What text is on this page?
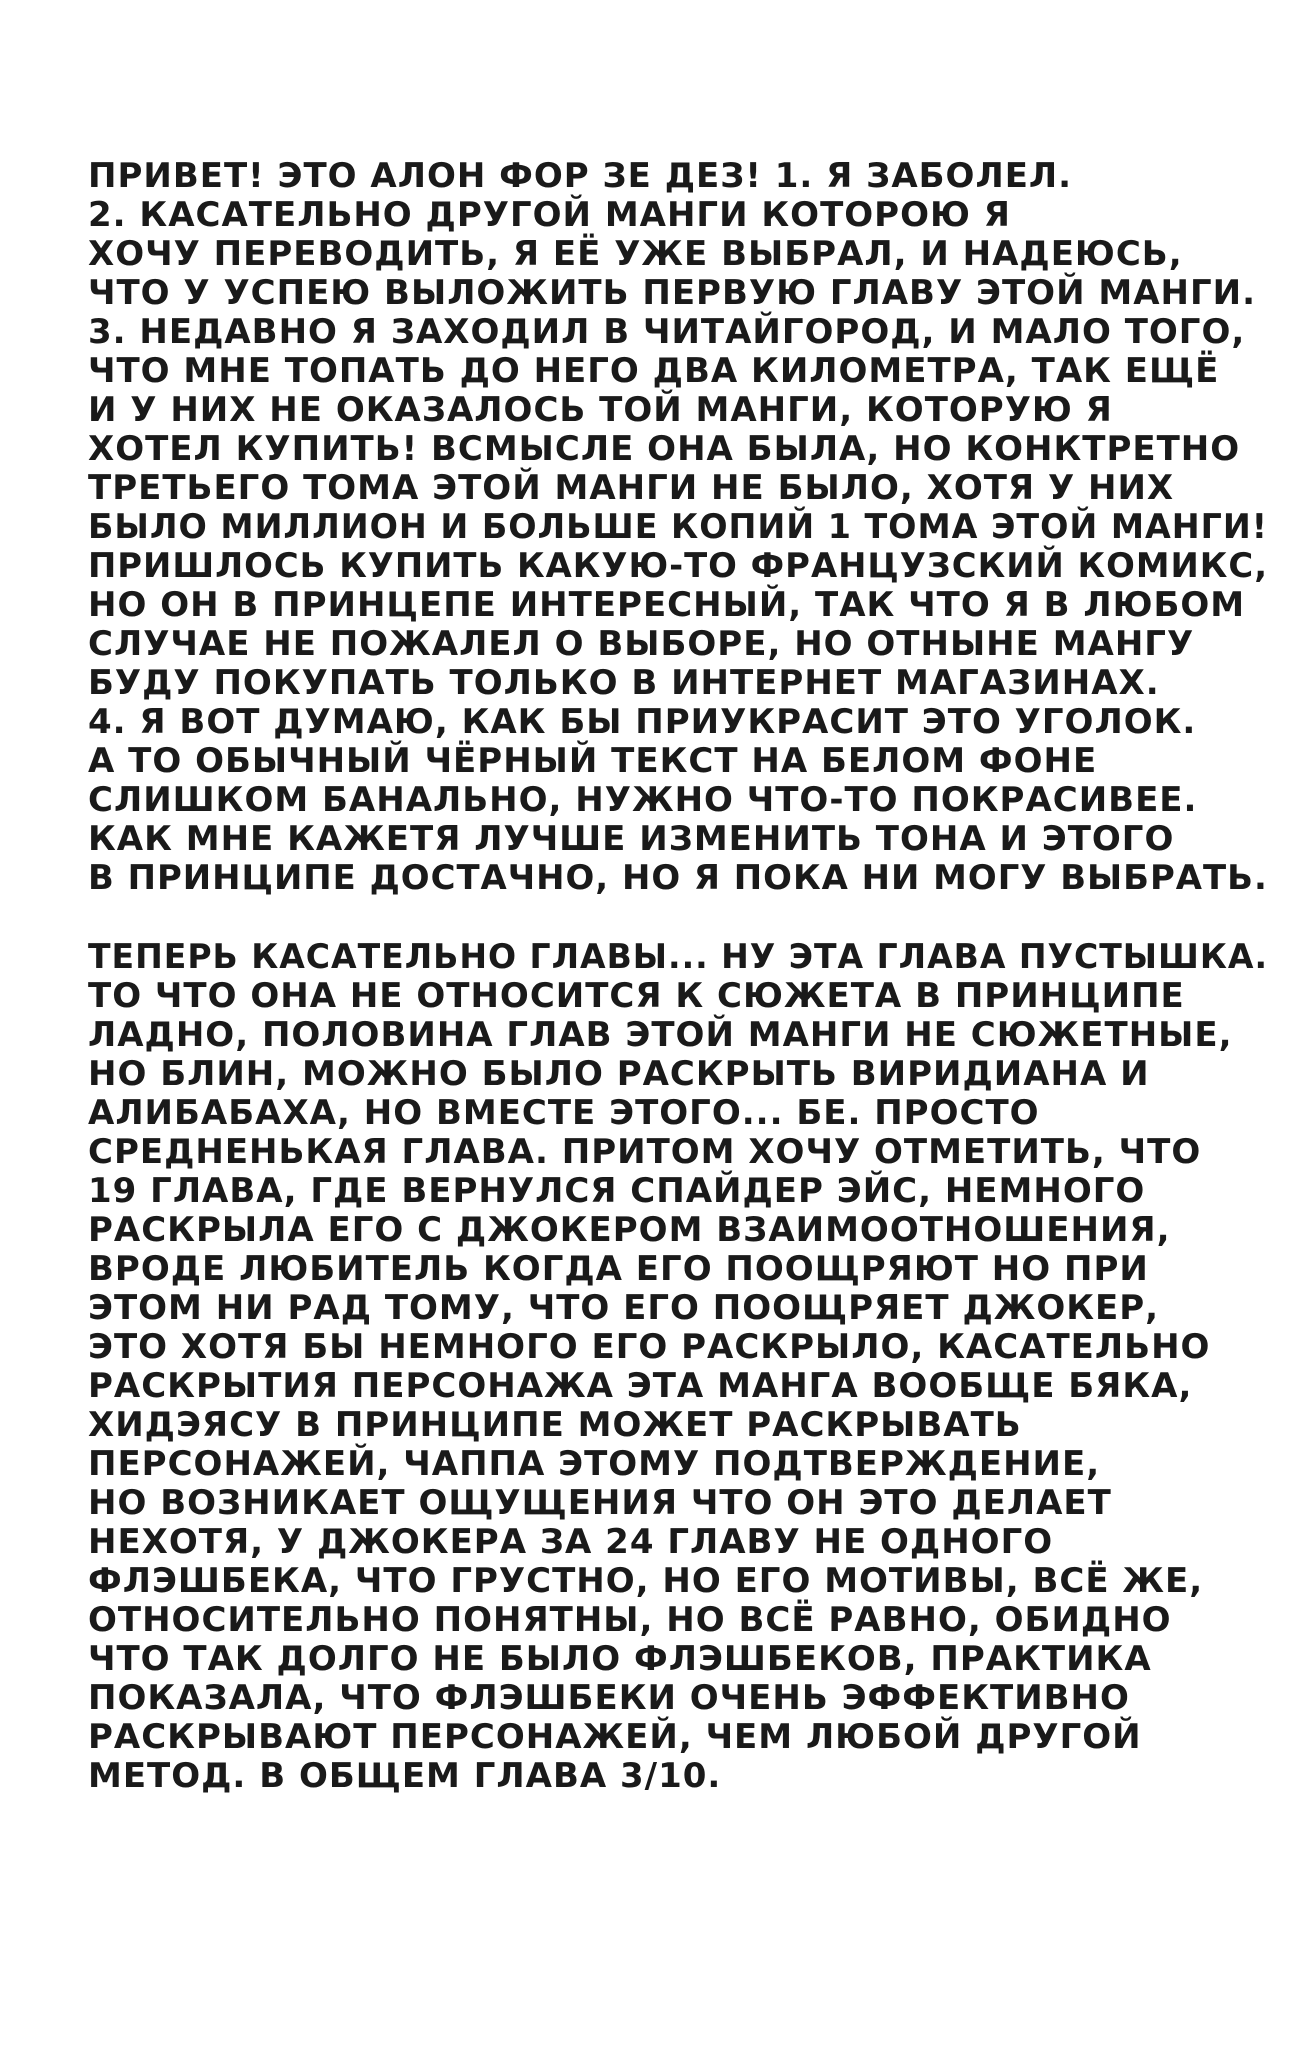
ПРИВЕТ! ЭТО АЛОН ФОР ЗЕ ДЕЗ! 1. Я ЗАБОЛЕЛ.
2. КАСАТЕЛЬНО ДРУГОЙ МАНГИ КОТОРОЮ Я
ХОЧУ ПЕРЕВОДИТЬ, Я ЕЁ УЖЕ ВЫБРАЛ, И НАДЕЮСЬ,
ЧТО У УСПЕЮ ВЫЛОЖИТЬ ПЕРВУЮ ГЛАВУ ЭТОЙ МАНГИ.
3. НЕДАВНО Я ЗАХОДИЛ В ЧИТАЙГОРОД, И МАЛО ТОГО,
ЧТО МНЕ ТОПАТЬ ДО НЕГО ДВА КИЛОМЕТРА, ТАК ЕЩЁ
И У НИХ НЕ ОКАЗАЛОСЬ ТОЙ МАНГИ, КОТОРУЮ Я
ХОТЕЛ КУПИТЬ! ВСМЫСЛЕ ОНА БЫЛА, НО КОНКТРЕТНО
ТРЕТЬЕГО ТОМА ЭТОЙ МАНГИ НЕ БЫЛО, ХОТЯ У НИХ
БЫЛО МИЛЛИОН И БОЛЬШЕ КОПИЙ 1 ТОМА ЭТОЙ МАНГИ!
ПРИШЛОСЬ КУПИТЬ КАКУЮ-ТО ФРАНЦУЗСКИЙ КОМИКС,
НО ОН В ПРИНЦЕПЕ ИНТЕРЕСНЫЙ, ТАК ЧТО Я В ЛЮБОМ
СЛУЧАЕ НЕ ПОЖАЛЕЛ О ВЫБОРЕ, НО ОТНЫНЕ МАНГУ
БУДУ ПОКУПАТЬ ТОЛЬКО В ИНТЕРНЕТ МАГАЗИНАХ.
4. Я ВОТ ДУМАЮ, КАК БЫ ПРИУКРАСИТ ЭТО УГОЛОК.
А ТО ОБЫЧНЫЙ ЧЁРНЫЙ ТЕКСТ НА БЕЛОМ ФОНЕ
СЛИШКОМ БАНАЛЬНО, НУЖНО ЧТО-ТО ПОКРАСИВЕЕ.
КАК МНЕ КАЖЕТЯ ЛУЧШЕ ИЗМЕНИТЬ ТОНА И ЭТОГО
В ПРИНЦИПЕ ДОСТАЧНО, НО Я ПОКА НИ МОГУ ВЫБРАТЬ.
ТЕПЕРЬ КАСАТЕЛЬНО ГЛАВЫ... НУ ЭТА ГЛАВА ПУСТЫШКА.
ТО ЧТО ОНА НЕ ОТНОСИТСЯ К СЮЖЕТА В ПРИНЦИПЕ
ЛАДНО, ПОЛОВИНА ГЛАВ ЭТОЙ МАНГИ НЕ СЮЖЕТНЫЕ,
НО БЛИН, МОЖНО БЫЛО РАСКРЫТЬ ВИРИДИАНА И
АЛИБАБАХА, НО ВМЕСТЕ ЭТОГО... БЕ. ПРОСТО
СРЕДНЕНЬКАЯ ГЛАВА. ПРИТОМ ХОЧУ ОТМЕТИТЬ, ЧТО
19 ГЛАВА, ГДЕ ВЕРНУЛСЯ СПАЙДЕР ЭЙС, НЕМНОГО
РАСКРЫЛА ЕГО С ДЖОКЕРОМ ВЗАИМООТНОШЕНИЯ,
ВРОДЕ ЛЮБИТЕЛЬ КОГДА ЕГО ПООЩРЯЮТ НО ПРИ
ЭТОМ НИ РАД ТОМУ, ЧТО ЕГО ПООЩРЯЕТ ДЖОКЕР,
ЭТО ХОТЯ БЫ НЕМНОГО ЕГО РАСКРЫЛО, КАСАТЕЛЬНО
РАСКРЫТИЯ ПЕРСОНАЖА ЭТА МАНГА ВООБЩЕ БЯКА,
ХИДЭЯСУ В ПРИНЦИПЕ МОЖЕТ РАСКРЫВАТЬ
ПЕРСОНАЖЕЙ, ЧАППА ЭТОМУ ПОДТВЕРЖДЕНИЕ,
НО ВОЗНИКАЕТ ОЩУЩЕНИЯ ЧТО ОН ЭТО ДЕЛАЕТ
НЕХОТЯ, У ДЖОКЕРА ЗА 24 ГЛАВУ НЕ ОДНОГО
ФЛЭШБЕКА, ЧТО ГРУСТНО, НО ЕГО МОТИВЫ, ВСЁ ЖЕ,
ОТНОСИТЕЛЬНО ПОНЯТНЫ, НО ВСЁ РАВНО, ОБИДНО
ЧТО ТАК ДОЛГО НЕ БЫЛО ФЛЭШБЕКОВ, ПРАКТИКА
ПОКАЗАЛА, ЧТО ФЛЭШБЕКИ ОЧЕНЬ ЭФФЕКТИВНО
РАСКРЫВАЮТ ПЕРСОНАЖЕЙ, ЧЕМ ЛЮБОЙ ДРУГОЙ
МЕТОД. В ОБЩЕМ ГЛАВА 3/10.
